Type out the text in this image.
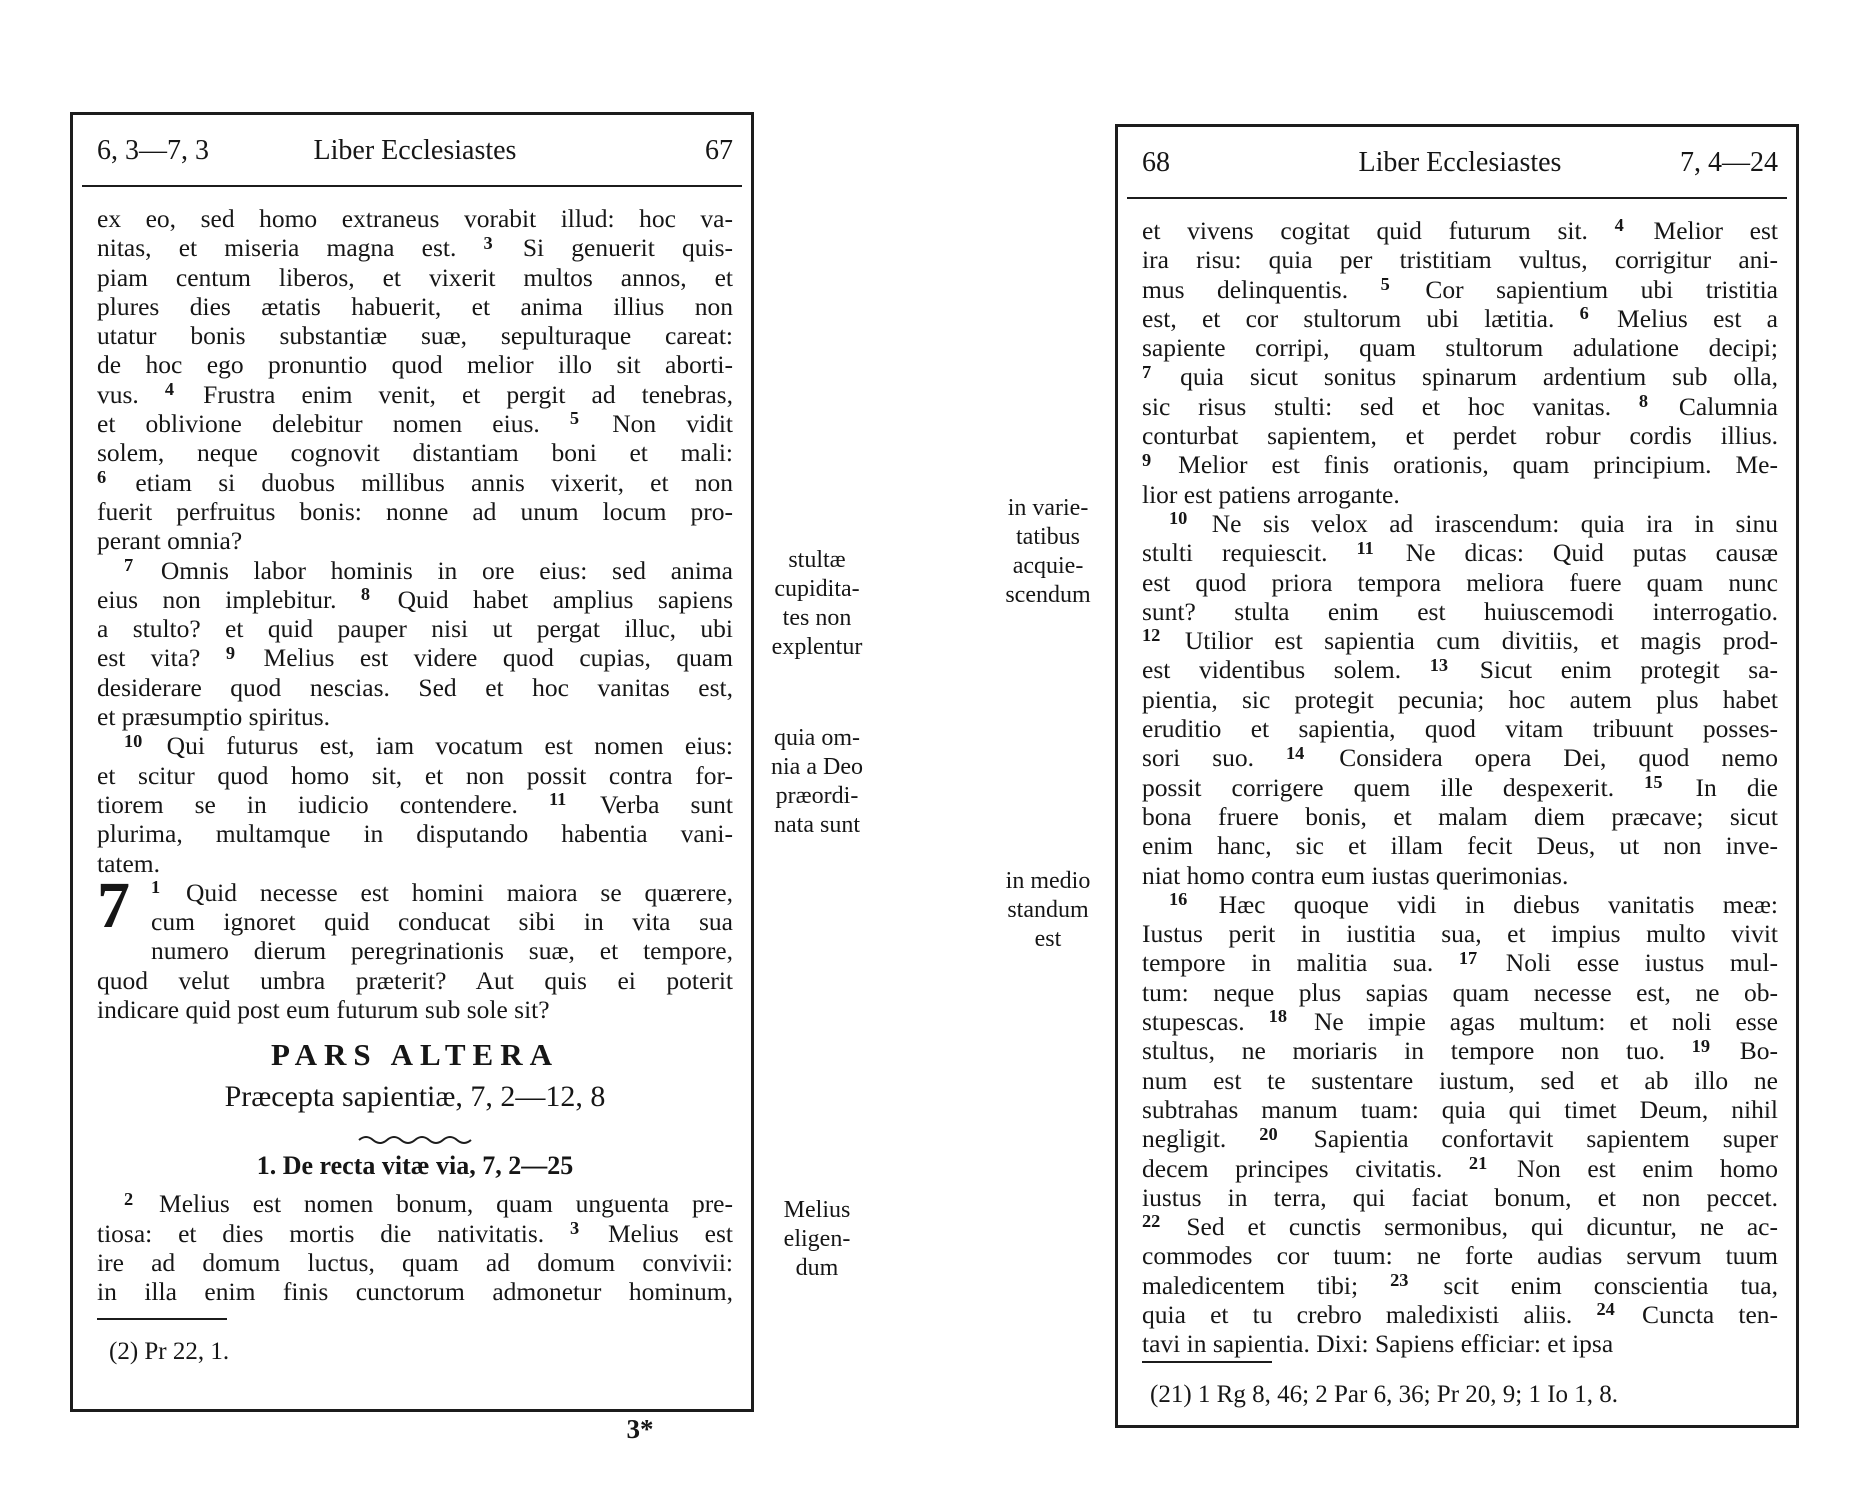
6, 3—7, 3	Liber Ecclesiastes	67
ex eo, sed homo extraneus vorabit illud: hoc va-
nitas, et miseria magna est. $^3$ Si genuerit quis-
piam centum liberos, et vixerit multos annos, et
plures dies ætatis habuerit, et anima illius non
utatur bonis substantiæ suæ, sepulturaque careat:
de hoc ego pronuntio quod melior illo sit aborti-
vus. $^4$ Frustra enim venit, et pergit ad tenebras,
et oblivione delebitur nomen eius. $^5$ Non vidit
solem, neque cognovit distantiam boni et mali:
$^6$ etiam si duobus millibus annis vixerit, et non
fuerit perfruitus bonis: nonne ad unum locum pro-
perant omnia?
$^7$ Omnis labor hominis in ore eius: sed anima
eius non implebitur. $^8$ Quid habet amplius sapiens
a stulto? et quid pauper nisi ut pergat illuc, ubi
est vita? $^9$ Melius est videre quod cupias, quam
desiderare quod nescias. Sed et hoc vanitas est,
et præsumptio spiritus.
$^{10}$ Qui futurus est, iam vocatum est nomen eius:
et scitur quod homo sit, et non possit contra for-
tiorem se in iudicio contendere. $^{11}$ Verba sunt
plurima, multamque in disputando habentia vani-
tatem.
7	$^1$ Quid necesse est homini maiora se quærere,
cum ignoret quid conducat sibi in vita sua
numero dierum peregrinationis suæ, et tempore,
quod velut umbra præterit? Aut quis ei poterit
indicare quid post eum futurum sub sole sit?
PARS ALTERA
Præcepta sapientiæ, 7, 2—12, 8
1. De recta vitæ via, 7, 2—25
$^2$ Melius est nomen bonum, quam unguenta pre-
tiosa: et dies mortis die nativitatis. $^3$ Melius est
ire ad domum luctus, quam ad domum convivii:
in illa enim finis cunctorum admonetur hominum,
(2) Pr 22, 1.
68	Liber Ecclesiastes	7, 4—24
et vivens cogitat quid futurum sit. $^4$ Melior est
ira risu: quia per tristitiam vultus, corrigitur ani-
mus delinquentis. $^5$ Cor sapientium ubi tristitia
est, et cor stultorum ubi lætitia. $^6$ Melius est a
sapiente corripi, quam stultorum adulatione decipi;
$^7$ quia sicut sonitus spinarum ardentium sub olla,
sic risus stulti: sed et hoc vanitas. $^8$ Calumnia
conturbat sapientem, et perdet robur cordis illius.
$^9$ Melior est finis orationis, quam principium. Me-
lior est patiens arrogante.
$^{10}$ Ne sis velox ad irascendum: quia ira in sinu
stulti requiescit. $^{11}$ Ne dicas: Quid putas causæ
est quod priora tempora meliora fuere quam nunc
sunt? stulta enim est huiuscemodi interrogatio.
$^{12}$ Utilior est sapientia cum divitiis, et magis prod-
est videntibus solem. $^{13}$ Sicut enim protegit sa-
pientia, sic protegit pecunia; hoc autem plus habet
eruditio et sapientia, quod vitam tribuunt posses-
sori suo. $^{14}$ Considera opera Dei, quod nemo
possit corrigere quem ille despexerit. $^{15}$ In die
bona fruere bonis, et malam diem præcave; sicut
enim hanc, sic et illam fecit Deus, ut non inve-
niat homo contra eum iustas querimonias.
$^{16}$ Hæc quoque vidi in diebus vanitatis meæ:
Iustus perit in iustitia sua, et impius multo vivit
tempore in malitia sua. $^{17}$ Noli esse iustus mul-
tum: neque plus sapias quam necesse est, ne ob-
stupescas. $^{18}$ Ne impie agas multum: et noli esse
stultus, ne moriaris in tempore non tuo. $^{19}$ Bo-
num est te sustentare iustum, sed et ab illo ne
subtrahas manum tuam: quia qui timet Deum, nihil
negligit. $^{20}$ Sapientia confortavit sapientem super
decem principes civitatis. $^{21}$ Non est enim homo
iustus in terra, qui faciat bonum, et non peccet.
$^{22}$ Sed et cunctis sermonibus, qui dicuntur, ne ac-
commodes cor tuum: ne forte audias servum tuum
maledicentem tibi; $^{23}$ scit enim conscientia tua,
quia et tu crebro maledixisti aliis. $^{24}$ Cuncta ten-
tavi in sapientia. Dixi: Sapiens efficiar: et ipsa
(21) 1 Rg 8, 46; 2 Par 6, 36; Pr 20, 9; 1 Io 1, 8.
stultæ
cupidita-
tes non
explentur
quia om-
nia a Deo
præordi-
nata sunt
Melius
eligen-
dum
in varie-
tatibus
acquie-
scendum
in medio
standum
est
3*
